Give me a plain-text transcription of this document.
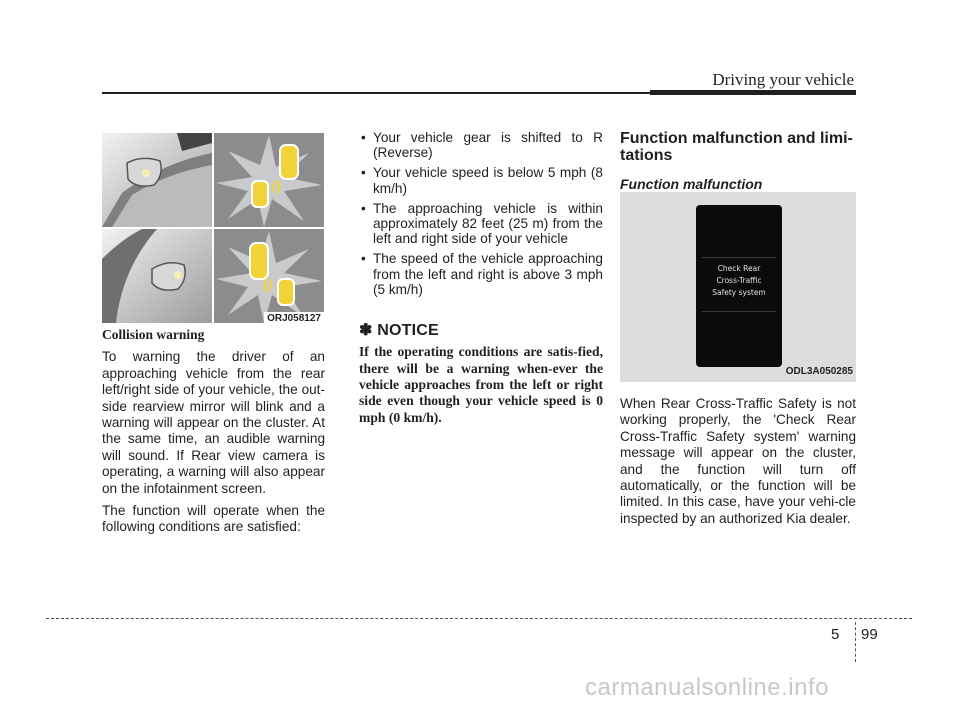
Driving your vehicle
ORJ058127
Collision warning

To warning the driver of an approaching vehicle from the rear left/right side of your vehicle, the out-side rearview mirror will blink and a warning will appear on the cluster. At the same time, an audible warning will sound. If Rear view camera is operating, a warning will also appear on the infotainment screen.

The function will operate when the following conditions are satisfied:

• Your vehicle gear is shifted to R (Reverse)
• Your vehicle speed is below 5 mph (8 km/h)
• The approaching vehicle is within approximately 82 feet (25 m) from the left and right side of your vehicle
• The speed of the vehicle approaching from the left and right is above 3 mph (5 km/h)
✽ NOTICE
If the operating conditions are satis-fied, there will be a warning when-ever the vehicle approaches from the left or right side even though your vehicle speed is 0 mph (0 km/h).
Function malfunction and limi-tations
Function malfunction
Check Rear
Cross-Traffic
Safety system
ODL3A050285
When Rear Cross-Traffic Safety is not working properly, the 'Check Rear Cross-Traffic Safety system' warning message will appear on the cluster, and the function will turn off automatically, or the function will be limited. In this case, have your vehi-cle inspected by an authorized Kia dealer.
5 99
carmanualsonline.info
